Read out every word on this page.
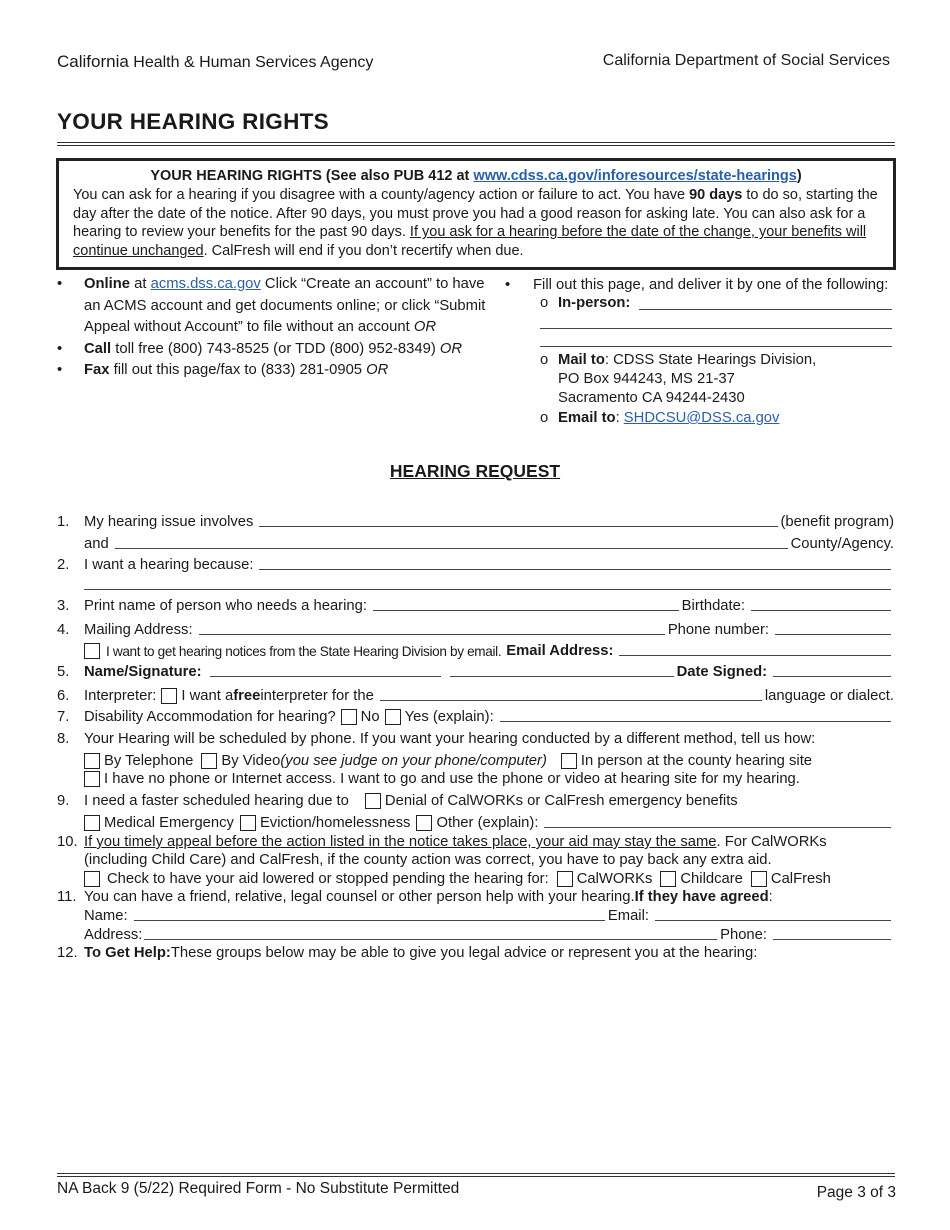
California Health & Human Services Agency	California Department of Social Services
YOUR HEARING RIGHTS
YOUR HEARING RIGHTS (See also PUB 412 at www.cdss.ca.gov/inforesources/state-hearings)

You can ask for a hearing if you disagree with a county/agency action or failure to act. You have 90 days to do so, starting the day after the date of the notice. After 90 days, you must prove you had a good reason for asking late. You can also ask for a hearing to review your benefits for the past 90 days. If you ask for a hearing before the date of the change, your benefits will continue unchanged. CalFresh will end if you don’t recertify when due.

• Online at acms.dss.ca.gov Click “Create an account” to have an ACMS account and get documents online; or click “Submit Appeal without Account” to file without an account OR
• Call toll free (800) 743-8525 (or TDD (800) 952-8349) OR
• Fax fill out this page/fax to (833) 281-0905 OR
• Fill out this page, and deliver it by one of the following:
o In-person:
o Mail to: CDSS State Hearings Division,
PO Box 944243, MS 21-37
Sacramento CA 94244-2430
o Email to: SHDCSU@DSS.ca.gov
HEARING REQUEST
1. My hearing issue involves	(benefit program)
and	County/Agency.
2. I want a hearing because:
3. Print name of person who needs a hearing:	Birthdate:
4. Mailing Address:	Phone number:
I want to get hearing notices from the State Hearing Division by email. Email Address:
5. Name/Signature:	Date Signed:
6. Interpreter: I want a free interpreter for the	language or dialect.
7. Disability Accommodation for hearing? No Yes (explain):
8. Your Hearing will be scheduled by phone. If you want your hearing conducted by a different method, tell us how:
By Telephone By Video (you see judge on your phone/computer) In person at the county hearing site
I have no phone or Internet access. I want to go and use the phone or video at hearing site for my hearing.
9. I need a faster scheduled hearing due to Denial of CalWORKs or CalFresh emergency benefits
Medical Emergency Eviction/homelessness Other (explain):
10. If you timely appeal before the action listed in the notice takes place, your aid may stay the same . For CalWORKs
(including Child Care) and CalFresh, if the county action was correct, you have to pay back any extra aid.
Check to have your aid lowered or stopped pending the hearing for: CalWORKs Childcare CalFresh
11. You can have a friend, relative, legal counsel or other person help with your hearing. If they have agreed :
Name:	Email:
Address:	Phone:
12. To Get Help: These groups below may be able to give you legal advice or represent you at the hearing:
NA Back 9 (5/22) Required Form - No Substitute Permitted	Page 3 of 3
